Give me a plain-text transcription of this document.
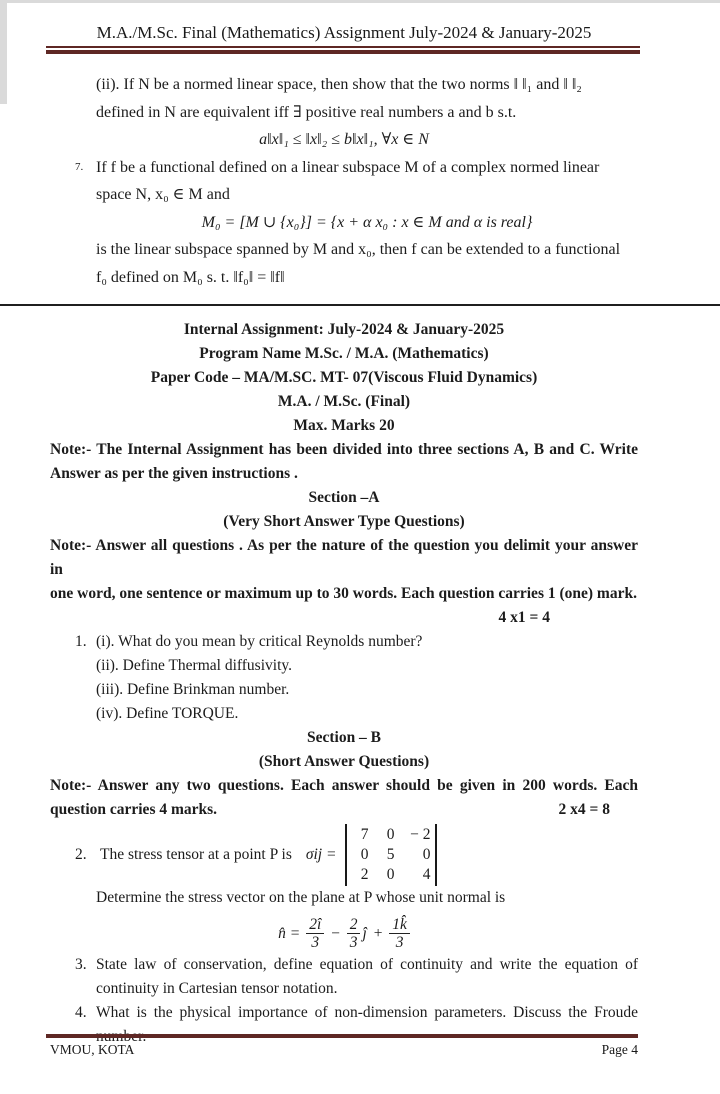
M.A./M.Sc. Final (Mathematics) Assignment July-2024 & January-2025
(ii). If N be a normed linear space, then show that the two norms ‖ ‖₁ and ‖ ‖₂
defined in N are equivalent iff ∃ positive real numbers a and b s.t.
a‖x‖₁ ≤ ‖x‖₂ ≤ b‖x‖₁, ∀x ∈ N
7. If f be a functional defined on a linear subspace M of a complex normed linear
space N, x₀ ∈ M and
M₀ = [M ∪ {x₀}] = {x + α x₀ : x ∈ M and α is real}
is the linear subspace spanned by M and x₀, then f can be extended to a functional
f₀ defined on M₀ s. t. ‖f₀‖ = ‖f‖
Internal Assignment: July-2024 & January-2025
Program Name M.Sc. / M.A. (Mathematics)
Paper Code – MA/M.SC. MT- 07(Viscous Fluid Dynamics)
M.A. / M.Sc. (Final)
Max. Marks 20
Note:- The Internal Assignment has been divided into three sections A, B and C. Write
Answer as per the given instructions .
Section –A
(Very Short Answer Type Questions)
Note:- Answer all questions . As per the nature of the question you delimit your answer in
one word, one sentence or maximum up to 30 words. Each question carries 1 (one) mark.
4 x1 = 4
1. (i). What do you mean by critical Reynolds number?
(ii). Define Thermal diffusivity.
(iii). Define Brinkman number.
(iv). Define TORQUE.
Section – B
(Short Answer Questions)
Note:- Answer any two questions. Each answer should be given in 200 words. Each
question carries 4 marks.	2 x4 = 8
2. The stress tensor at a point P is σij =
7	0	− 2
0	5	0
2	0	4
Determine the stress vector on the plane at P whose unit normal is
n̂ = $\frac{2î}{3} - \frac{2}{3}$ ĵ + $\frac{1k̂}{3}$
3. State law of conservation, define equation of continuity and write the equation of
continuity in Cartesian tensor notation.
4. What is the physical importance of non-dimension parameters. Discuss the Froude
number.
VMOU, KOTA	Page 4
